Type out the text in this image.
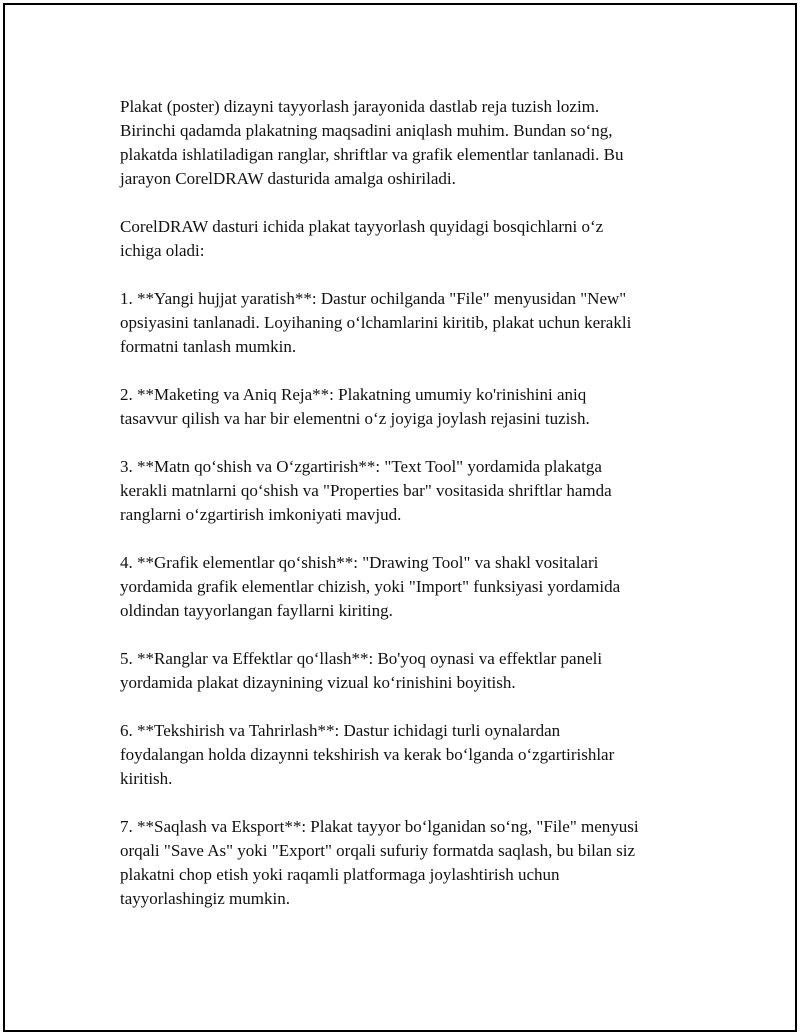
Plakat (poster) dizayni tayyorlash jarayonida dastlab reja tuzish lozim.
Birinchi qadamda plakatning maqsadini aniqlash muhim. Bundan so‘ng,
plakatda ishlatiladigan ranglar, shriftlar va grafik elementlar tanlanadi. Bu
jarayon CorelDRAW dasturida amalga oshiriladi.

CorelDRAW dasturi ichida plakat tayyorlash quyidagi bosqichlarni o‘z
ichiga oladi:

1. **Yangi hujjat yaratish**: Dastur ochilganda "File" menyusidan "New"
opsiyasini tanlanadi. Loyihaning o‘lchamlarini kiritib, plakat uchun kerakli
formatni tanlash mumkin.

2. **Maketing va Aniq Reja**: Plakatning umumiy ko'rinishini aniq
tasavvur qilish va har bir elementni o‘z joyiga joylash rejasini tuzish.

3. **Matn qo‘shish va O‘zgartirish**: "Text Tool" yordamida plakatga
kerakli matnlarni qo‘shish va "Properties bar" vositasida shriftlar hamda
ranglarni o‘zgartirish imkoniyati mavjud.

4. **Grafik elementlar qo‘shish**: "Drawing Tool" va shakl vositalari
yordamida grafik elementlar chizish, yoki "Import" funksiyasi yordamida
oldindan tayyorlangan fayllarni kiriting.

5. **Ranglar va Effektlar qo‘llash**: Bo'yoq oynasi va effektlar paneli
yordamida plakat dizaynining vizual ko‘rinishini boyitish.

6. **Tekshirish va Tahrirlash**: Dastur ichidagi turli oynalardan
foydalangan holda dizaynni tekshirish va kerak bo‘lganda o‘zgartirishlar
kiritish.

7. **Saqlash va Eksport**: Plakat tayyor bo‘lganidan so‘ng, "File" menyusi
orqali "Save As" yoki "Export" orqali sufuriy formatda saqlash, bu bilan siz
plakatni chop etish yoki raqamli platformaga joylashtirish uchun
tayyorlashingiz mumkin.
